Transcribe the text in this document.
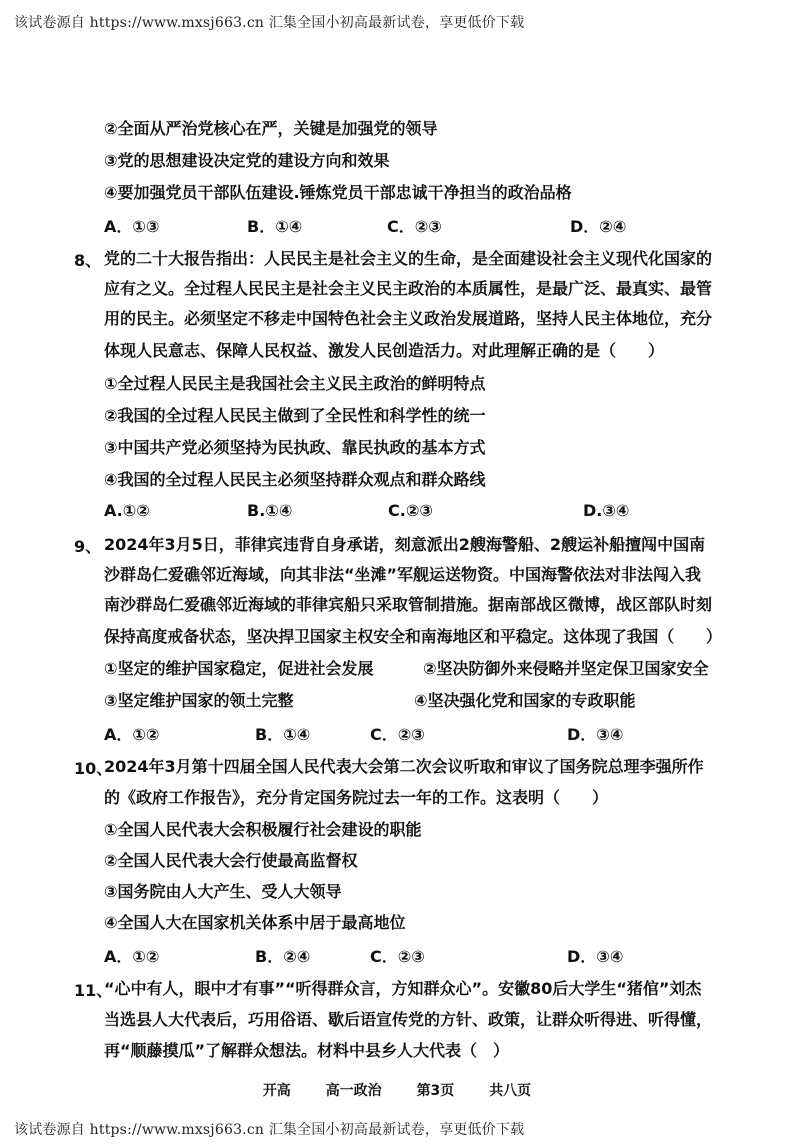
该试卷源自 https://www.mxsj663.cn 汇集全国小初高最新试卷，享更低价下载
②全面从严治党核心在严，关键是加强党的领导
③党的思想建设决定党的建设方向和效果
④要加强党员干部队伍建设.锤炼党员干部忠诚干净担当的政治品格
A．①③	B．①④	C．②③	D．②④
8、 党的二十大报告指出：人民民主是社会主义的生命，是全面建设社会主义现代化国家的
应有之义。全过程人民民主是社会主义民主政治的本质属性，是最广泛、最真实、最管
用的民主。必须坚定不移走中国特色社会主义政治发展道路，坚持人民主体地位，充分
体现人民意志、保障人民权益、激发人民创造活力。对此理解正确的是（　　）
①全过程人民民主是我国社会主义民主政治的鲜明特点
②我国的全过程人民民主做到了全民性和科学性的统一
③中国共产党必须坚持为民执政、靠民执政的基本方式
④我国的全过程人民民主必须坚持群众观点和群众路线
A.①②	B.①④	C.②③	D.③④
9、 2024年3月5日，菲律宾违背自身承诺，刻意派出2艘海警船、2艘运补船擅闯中国南
沙群岛仁爱礁邻近海域，向其非法“坐滩”军舰运送物资。中国海警依法对非法闯入我
南沙群岛仁爱礁邻近海域的菲律宾船只采取管制措施。据南部战区微博，战区部队时刻
保持高度戒备状态，坚决捍卫国家主权安全和南海地区和平稳定。这体现了我国（　　）
①坚定的维护国家稳定，促进社会发展	②坚决防御外来侵略并坚定保卫国家安全
③坚定维护国家的领土完整	④坚决强化党和国家的专政职能
A．①②	B．①④	C．②③	D．③④
10、
2024年3月第十四届全国人民代表大会第二次会议听取和审议了国务院总理李强所作
的《政府工作报告》，充分肯定国务院过去一年的工作。这表明（　　）
①全国人民代表大会积极履行社会建设的职能
②全国人民代表大会行使最高监督权
③国务院由人大产生、受人大领导
④全国人大在国家机关体系中居于最高地位
A．①②	B．②④	C．②③	D．③④
11、
“心中有人，眼中才有事”“听得群众言，方知群众心”。安徽80后大学生“猪倌”刘杰
当选县人大代表后，巧用俗语、歇后语宣传党的方针、政策，让群众听得进、听得懂，
再“顺藤摸瓜”了解群众想法。材料中县乡人大代表（　）
开高 高一政治 第3页 共八页
该试卷源自 https://www.mxsj663.cn 汇集全国小初高最新试卷，享更低价下载
